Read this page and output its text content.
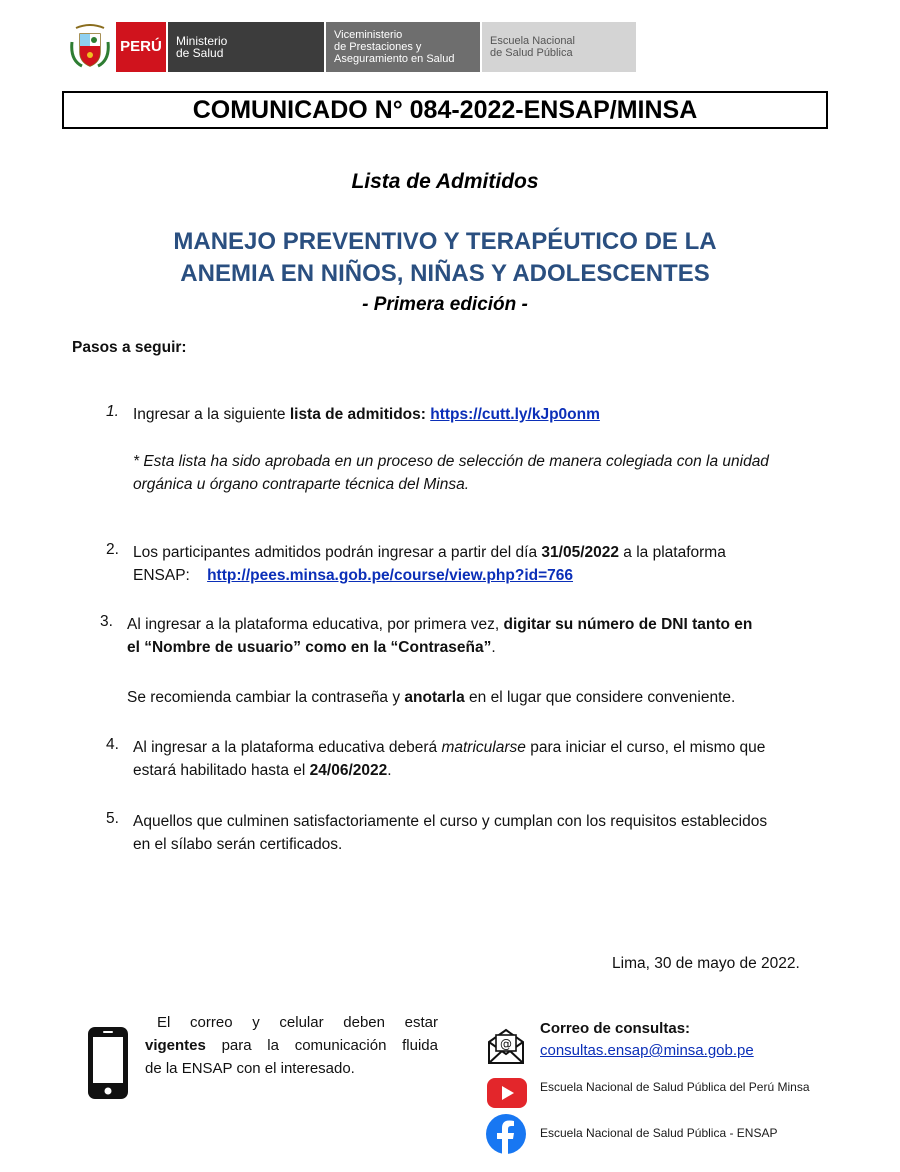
PERÚ Ministerio
de Salud
Viceministerio
de Prestaciones y
Aseguramiento en Salud
Escuela Nacional
de Salud Pública
COMUNICADO N° 084-2022-ENSAP/MINSA
Lista de Admitidos
MANEJO PREVENTIVO Y TERAPÉUTICO DE LA
ANEMIA EN NIÑOS, NIÑAS Y ADOLESCENTES
- Primera edición -
Pasos a seguir:
1. Ingresar a la siguiente lista de admitidos: https://cutt.ly/kJp0onm
* Esta lista ha sido aprobada en un proceso de selección de manera colegiada con la unidad
orgánica u órgano contraparte técnica del Minsa.
2. Los participantes admitidos podrán ingresar a partir del día 31/05/2022 a la plataforma
ENSAP: http://pees.minsa.gob.pe/course/view.php?id=766
3. Al ingresar a la plataforma educativa, por primera vez, digitar su número de DNI tanto en
el “Nombre de usuario” como en la “Contraseña”.
Se recomienda cambiar la contraseña y anotarla en el lugar que considere conveniente.
4. Al ingresar a la plataforma educativa deberá matricularse para iniciar el curso, el mismo que
estará habilitado hasta el 24/06/2022.
5. Aquellos que culminen satisfactoriamente el curso y cumplan con los requisitos establecidos
en el sílabo serán certificados.
Lima, 30 de mayo de 2022.
El correo y celular deben estar
vigentes para la comunicación fluida
de la ENSAP con el interesado.
@
Correo de consultas:
consultas.ensap@minsa.gob.pe
Escuela Nacional de Salud Pública del Perú Minsa
Escuela Nacional de Salud Pública - ENSAP
